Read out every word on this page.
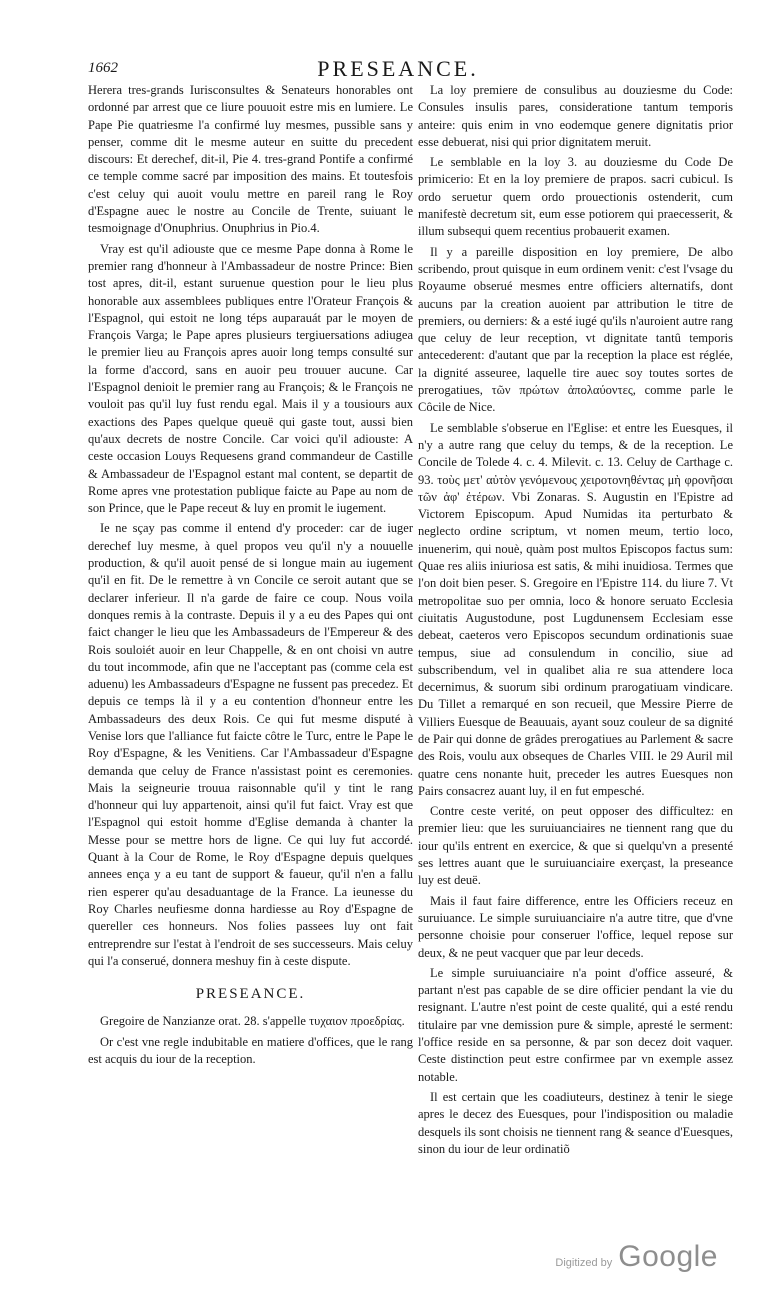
1662	PRESEANCE.

Herera tres-grands Iurisconsultes & Senateurs honorables ont ordonné par arrest que ce liure pouuoit estre mis en lumiere. Le Pape Pie quatriesme l'a confirmé luy mesmes, pussible sans y penser, comme dit le mesme auteur en suitte du precedent discours: Et derechef, dit-il, Pie 4. tres-grand Pontife a confirmé ce temple comme sacré par imposition des mains. Et toutesfois c'est celuy qui auoit voulu mettre en pareil rang le Roy d'Espagne auec le nostre au Concile de Trente, suiuant le tesmoignage d'Onuphrius. Onuphrius in Pio.4.

Vray est qu'il adiouste que ce mesme Pape donna à Rome le premier rang d'honneur à l'Ambassadeur de nostre Prince: Bien tost apres, dit-il, estant suruenue question pour le lieu plus honorable aux assemblees publiques entre l'Orateur François & l'Espagnol, qui estoit ne long téps auparauát par le moyen de François Varga; le Pape apres plusieurs tergiuersations adiugea le premier lieu au François apres auoir long temps consulté sur la forme d'accord, sans en auoir peu trouuer aucune. Car l'Espagnol denioit le premier rang au François; & le François ne vouloit pas qu'il luy fust rendu egal. Mais il y a tousiours aux exactions des Papes quelque queuë qui gaste tout, aussi bien qu'aux decrets de nostre Concile. Car voici qu'il adiouste: A ceste occasion Louys Requesens grand commandeur de Castille & Ambassadeur de l'Espagnol estant mal content, se departit de Rome apres vne protestation publique faicte au Pape au nom de son Prince, que le Pape receut & luy en promit le iugement.

Ie ne sçay pas comme il entend d'y proceder: car de iuger derechef luy mesme, à quel propos veu qu'il n'y a nouuelle production, & qu'il auoit pensé de si longue main au iugement qu'il en fit. De le remettre à vn Concile ce seroit autant que se declarer inferieur. Il n'a garde de faire ce coup. Nous voila donques remis à la contraste. Depuis il y a eu des Papes qui ont faict changer le lieu que les Ambassadeurs de l'Empereur & des Rois souloiét auoir en leur Chappelle, & en ont choisi vn autre du tout incommode, afin que ne l'acceptant pas (comme cela est aduenu) les Ambassadeurs d'Espagne ne fussent pas precedez. Et depuis ce temps là il y a eu contention d'honneur entre les Ambassadeurs des deux Rois. Ce qui fut mesme disputé à Venise lors que l'alliance fut faicte côtre le Turc, entre le Pape le Roy d'Espagne, & les Venitiens. Car l'Ambassadeur d'Espagne demanda que celuy de France n'assistast point es ceremonies. Mais la seigneurie trouua raisonnable qu'il y tint le rang d'honneur qui luy appartenoit, ainsi qu'il fut faict. Vray est que l'Espagnol qui estoit homme d'Eglise demanda à chanter la Messe pour se mettre hors de ligne. Ce qui luy fut accordé. Quant à la Cour de Rome, le Roy d'Espagne depuis quelques annees ença y a eu tant de support & faueur, qu'il n'en a fallu rien esperer qu'au desaduantage de la France. La ieunesse du Roy Charles neufiesme donna hardiesse au Roy d'Espagne de quereller ces honneurs. Nos folies passees luy ont fait entreprendre sur l'estat à l'endroit de ses successeurs. Mais celuy qui l'a conserué, donnera meshuy fin à ceste dispute.

PRESEANCE.

Gregoire de Nanzianze orat. 28. s'appelle τυχαιον προεδρίας.

Or c'est vne regle indubitable en matiere d'offices, que le rang est acquis du iour de la reception.

La loy premiere de consulibus au douziesme du Code: Consules insulis pares, consideratione tantum temporis anteire: quis enim in vno eodemque genere dignitatis prior esse debuerat, nisi qui prior dignitatem meruit.

Le semblable en la loy 3. au douziesme du Code De primicerio: Et en la loy premiere de prapos. sacri cubicul. Is ordo seruetur quem ordo prouectionis ostenderit, cum manifestè decretum sit, eum esse potiorem qui praecesserit, & illum subsequi quem recentius probauerit examen.

Il y a pareille disposition en loy premiere, De albo scribendo, prout quisque in eum ordinem venit: c'est l'vsage du Royaume obserué mesmes entre officiers alternatifs, dont aucuns par la creation auoient par attribution le titre de premiers, ou derniers: & a esté iugé qu'ils n'auroient autre rang que celuy de leur reception, vt dignitate tantû temporis antecederent: d'autant que par la reception la place est réglée, la dignité asseuree, laquelle tire auec soy toutes sortes de prerogatiues, τῶν πρώτων ἀπολαύοντες, comme parle le Côcile de Nice.

Le semblable s'obserue en l'Eglise: et entre les Euesques, il n'y a autre rang que celuy du temps, & de la reception. Le Concile de Tolede 4. c. 4. Milevit. c. 13. Celuy de Carthage c. 93. τοὺς μετ' αὐτὸν γενόμενους χειροτονηθέντας μὴ φρονῆσαι τῶν ἀφ' ἐτέρων. Vbi Zonaras. S. Augustin en l'Epistre ad Victorem Episcopum. Apud Numidas ita perturbato & neglecto ordine scriptum, vt nomen meum, tertio loco, inuenerim, qui nouè, quàm post multos Episcopos factus sum: Quae res aliis iniuriosa est satis, & mihi inuidiosa. Termes que l'on doit bien peser. S. Gregoire en l'Epistre 114. du liure 7. Vt metropolitae suo per omnia, loco & honore seruato Ecclesia ciuitatis Augustodune, post Lugdunensem Ecclesiam esse debeat, caeteros vero Episcopos secundum ordinationis suae tempus, siue ad consulendum in concilio, siue ad subscribendum, vel in qualibet alia re sua attendere loca decernimus, & suorum sibi ordinum prarogatiuam vindicare. Du Tillet a remarqué en son recueil, que Messire Pierre de Villiers Euesque de Beauuais, ayant souz couleur de sa dignité de Pair qui donne de grâdes prerogatiues au Parlement & sacre des Rois, voulu aux obseques de Charles VIII. le 29 Auril mil quatre cens nonante huit, preceder les autres Euesques non Pairs consacrez auant luy, il en fut empesché.

Contre ceste verité, on peut opposer des difficultez: en premier lieu: que les suruiuanciaires ne tiennent rang que du iour qu'ils entrent en exercice, & que si quelqu'vn a presenté ses lettres auant que le suruiuanciaire exerçast, la preseance luy est deuë.

Mais il faut faire difference, entre les Officiers receuz en suruiuance. Le simple suruiuanciaire n'a autre titre, que d'vne personne choisie pour conseruer l'office, lequel repose sur deux, & ne peut vacquer que par leur deceds.

Le simple suruiuanciaire n'a point d'office asseuré, & partant n'est pas capable de se dire officier pendant la vie du resignant. L'autre n'est point de ceste qualité, qui a esté rendu titulaire par vne demission pure & simple, apresté le serment: l'office reside en sa personne, & par son decez doit vaquer. Ceste distinction peut estre confirmee par vn exemple assez notable.

Il est certain que les coadiuteurs, destinez à tenir le siege apres le decez des Euesques, pour l'indisposition ou maladie desquels ils sont choisis ne tiennent rang & seance d'Euesques, sinon du iour de leur ordinatiõ

Digitized by Google
